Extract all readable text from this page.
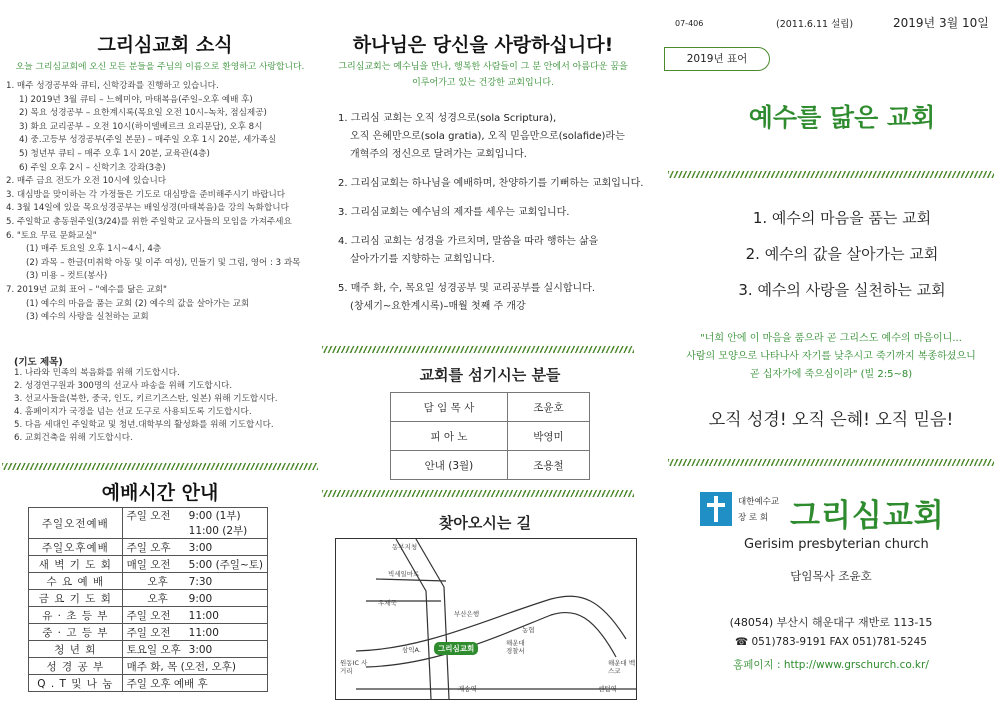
그리심교회 소식
오늘 그리심교회에 오신 모든 분들을 주님의 이름으로 환영하고 사랑합니다.
1. 매주 성경공부와 큐티, 신학강좌를 진행하고 있습니다.
1) 2019년 3월 큐티 – 느헤미야, 마태복음(주일–오후 예배 후)
2) 목요 성경공부 – 요한계시록(목요일 오전 10시–녹차, 점심제공)
3) 화요 교리공부 – 오전 10시(하이델베르크 요리문답), 오후 8시
4) 중.고등부 성경공부(주일 본문) – 매주일 오후 1시 20분, 세가족실
5) 청년부 큐티 – 매주 오후 1시 20분, 교육관(4층)
6) 주일 오후 2시 – 신학기초 강좌(3층)
2. 매주 금요 전도가 오전 10시에 있습니다
3. 대심방을 맞이하는 각 가정들은 기도로 대심방을 준비해주시기 바랍니다
4. 3월 14일에 있을 목요성경공부는 배일성경(마태복음)을 강의 녹화합니다
5. 주일학교 총동원주일(3/24)를 위한 주일학교 교사들의 모임을 가져주세요
6. "토요 무료 문화교실"
(1) 매주 토요일 오후 1시~4시, 4층
(2) 과목 – 한글(미취학 아동 및 이주 여성), 민들기 및 그림, 영어 : 3 과목
(3) 미용 – 컷트(봉사)
7. 2019년 교회 표어 – "예수를 닮은 교회"
(1) 예수의 마음을 품는 교회 (2) 예수의 값을 살아가는 교회
(3) 예수의 사랑을 실천하는 교회
(기도 제목)
1. 나라와 민족의 복음화를 위해 기도합시다.
2. 성경연구원과 300명의 선교사 파송을 위해 기도합시다.
3. 선교사들을(북한, 중국, 인도, 키르기즈스탄, 일본) 위해 기도합시다.
4. 홈페이지가 국경을 넘는 선교 도구로 사용되도록 기도합시다.
5. 다음 세대인 주일학교 및 청년.대학부의 활성화를 위해 기도합시다.
6. 교회건축을 위해 기도합시다.
예배시간 안내
주일오전예배	주일 오전 9:00 (1부)
11:00 (2부)
주일오후예배	주일 오후 3:00
새 벽 기 도 회	매일 오전 5:00 (주일~토)
수 요 예 배	오후 7:30
금 요 기 도 회	오후 9:00
유 · 초 등 부	주일 오전 11:00
중 · 고 등 부	주일 오전 11:00
청 년 회	토요일 오후 3:00
성 경 공 부	매주 화, 목 (오전, 오후)
Q . T 및 나 눔	주일 오후 예배 후
하나님은 당신을 사랑하십니다!
그리심교회는 예수님을 만나, 행복한 사람들이 그 분 안에서 아름다운 꿈을
이루어가고 있는 건강한 교회입니다.
1. 그리심 교회는 오직 성경으로(sola Scriptura),
오직 은혜만으로(sola gratia), 오직 믿음만으로(solafide)라는
개혁주의 정신으로 달려가는 교회입니다.
2. 그리심교회는 하나님을 예배하며, 찬양하기를 기뻐하는 교회입니다.
3. 그리심교회는 예수님의 제자를 세우는 교회입니다.
4. 그리심 교회는 성경을 가르치며, 말씀을 따라 행하는 삶을
살아가기를 지향하는 교회입니다.
5. 매주 화, 수, 목요일 성경공부 및 교리공부를 실시합니다.
(창세기~요한계시록)–매월 첫째 주 개강
교회를 섬기시는 분들
담 임 목 사	조윤호
피 아 노	박영미
안내 (3월)	조용철
찾아오시는 길
동부지청
빅세일마트
우체국
부산은행
농협
해운대 경찰서
삼익A.	그리심교회
원동IC 사거리
해운대 벡스코
재송역	센텀역
07-406	(2011.6.11 설립)	2019년 3월 10일
2019년 표어
예수를 닮은 교회
1. 예수의 마음을 품는 교회
2. 예수의 값을 살아가는 교회
3. 예수의 사랑을 실천하는 교회
"너희 안에 이 마음을 품으라 곧 그리스도 예수의 마음이니...
사람의 모양으로 나타나사 자기를 낮추시고 죽기까지 복종하셨으니
곧 십자가에 죽으심이라" (빌 2:5~8)
오직 성경! 오직 은혜! 오직 믿음!
대한예수교
장 로 회 그리심교회
Gerisim presbyterian church
담임목사 조윤호
(48054) 부산시 해운대구 재반로 113-15
☎ 051)783-9191 FAX 051)781-5245
홈페이지 : http://www.grschurch.co.kr/
